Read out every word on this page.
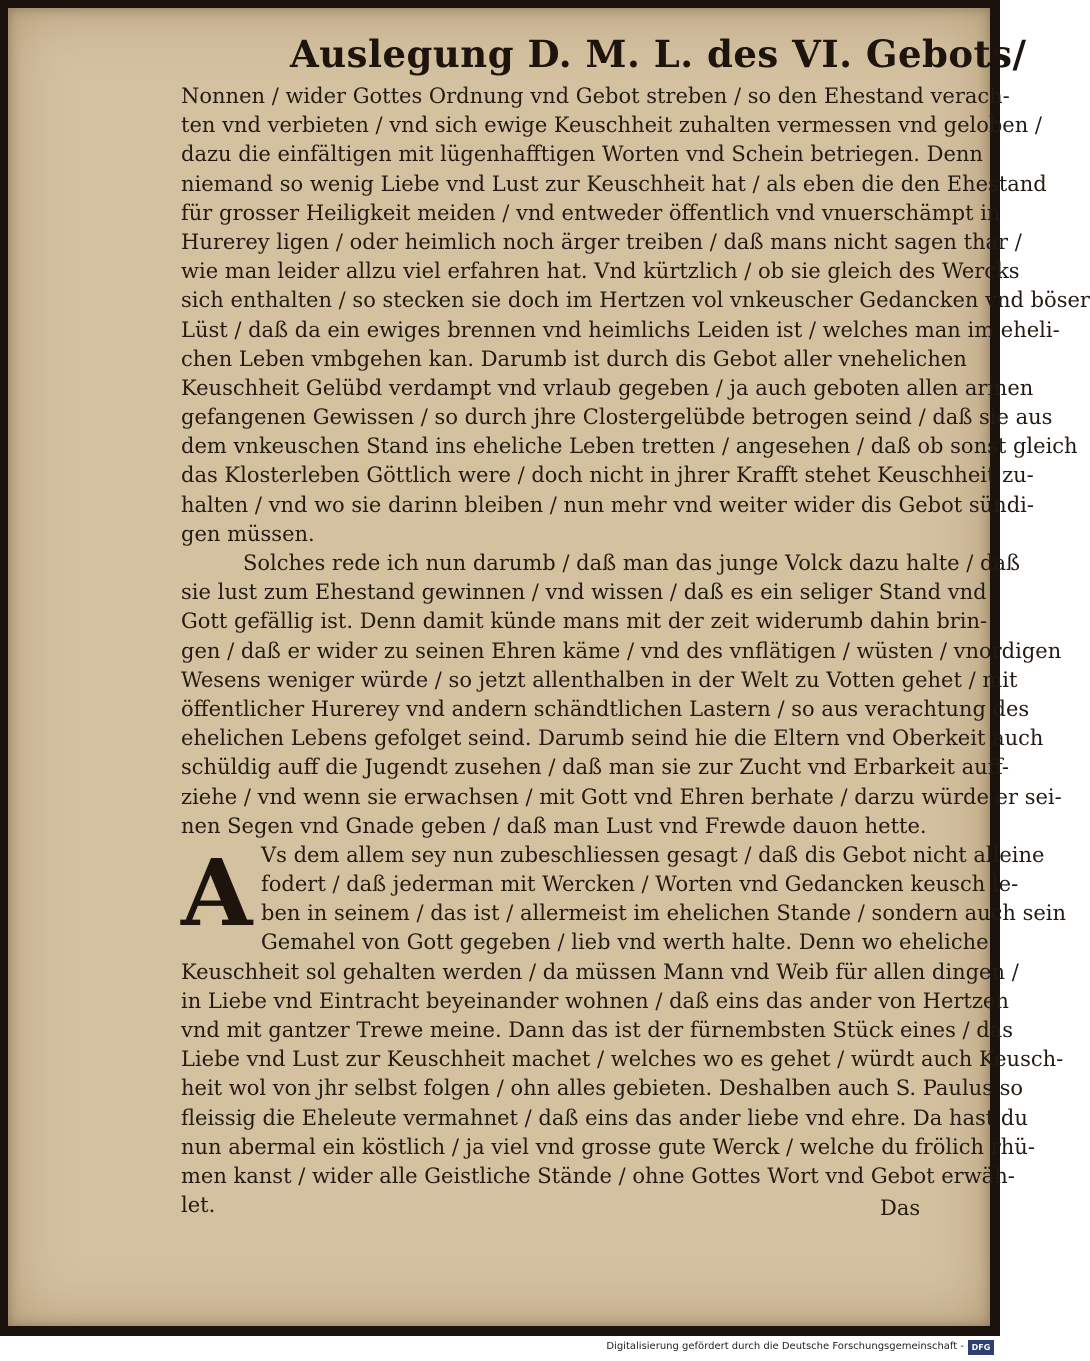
Auslegung D. M. L. des VI. Gebots/
A
Nonnen / wider Gottes Ordnung vnd Gebot streben / so den Ehestand verach-
ten vnd verbieten / vnd sich ewige Keuschheit zuhalten vermessen vnd geloben /
dazu die einfältigen mit lügenhafftigen Worten vnd Schein betriegen. Denn
niemand so wenig Liebe vnd Lust zur Keuschheit hat / als eben die den Ehestand
für grosser Heiligkeit meiden / vnd entweder öffentlich vnd vnuerschämpt in
Hurerey ligen / oder heimlich noch ärger treiben / daß mans nicht sagen thar /
wie man leider allzu viel erfahren hat. Vnd kürtzlich / ob sie gleich des Wercks
sich enthalten / so stecken sie doch im Hertzen vol vnkeuscher Gedancken vnd böser
Lüst / daß da ein ewiges brennen vnd heimlichs Leiden ist / welches man im eheli-
chen Leben vmbgehen kan. Darumb ist durch dis Gebot aller vnehelichen
Keuschheit Gelübd verdampt vnd vrlaub gegeben / ja auch geboten allen armen
gefangenen Gewissen / so durch jhre Clostergelübde betrogen seind / daß sie aus
dem vnkeuschen Stand ins eheliche Leben tretten / angesehen / daß ob sonst gleich
das Klosterleben Göttlich were / doch nicht in jhrer Krafft stehet Keuschheit zu-
halten / vnd wo sie darinn bleiben / nun mehr vnd weiter wider dis Gebot sündi-
gen müssen.
Solches rede ich nun darumb / daß man das junge Volck dazu halte / daß
sie lust zum Ehestand gewinnen / vnd wissen / daß es ein seliger Stand vnd
Gott gefällig ist. Denn damit künde mans mit der zeit widerumb dahin brin-
gen / daß er wider zu seinen Ehren käme / vnd des vnflätigen / wüsten / vnordigen
Wesens weniger würde / so jetzt allenthalben in der Welt zu Votten gehet / mit
öffentlicher Hurerey vnd andern schändtlichen Lastern / so aus verachtung des
ehelichen Lebens gefolget seind. Darumb seind hie die Eltern vnd Oberkeit auch
schüldig auff die Jugendt zusehen / daß man sie zur Zucht vnd Erbarkeit auff-
ziehe / vnd wenn sie erwachsen / mit Gott vnd Ehren berhate / darzu würde er sei-
nen Segen vnd Gnade geben / daß man Lust vnd Frewde dauon hette.
Vs dem allem sey nun zubeschliessen gesagt / daß dis Gebot nicht alleine
fodert / daß jederman mit Wercken / Worten vnd Gedancken keusch le-
ben in seinem / das ist / allermeist im ehelichen Stande / sondern auch sein
Gemahel von Gott gegeben / lieb vnd werth halte. Denn wo eheliche
Keuschheit sol gehalten werden / da müssen Mann vnd Weib für allen dingen /
in Liebe vnd Eintracht beyeinander wohnen / daß eins das ander von Hertzen
vnd mit gantzer Trewe meine. Dann das ist der fürnembsten Stück eines / das
Liebe vnd Lust zur Keuschheit machet / welches wo es gehet / würdt auch Keusch-
heit wol von jhr selbst folgen / ohn alles gebieten. Deshalben auch S. Paulus so
fleissig die Eheleute vermahnet / daß eins das ander liebe vnd ehre. Da hast du
nun abermal ein köstlich / ja viel vnd grosse gute Werck / welche du frölich rhü-
men kanst / wider alle Geistliche Stände / ohne Gottes Wort vnd Gebot erwäh-
let.	Das
Digitalisierung gefördert durch die Deutsche Forschungsgemeinschaft - DFG
